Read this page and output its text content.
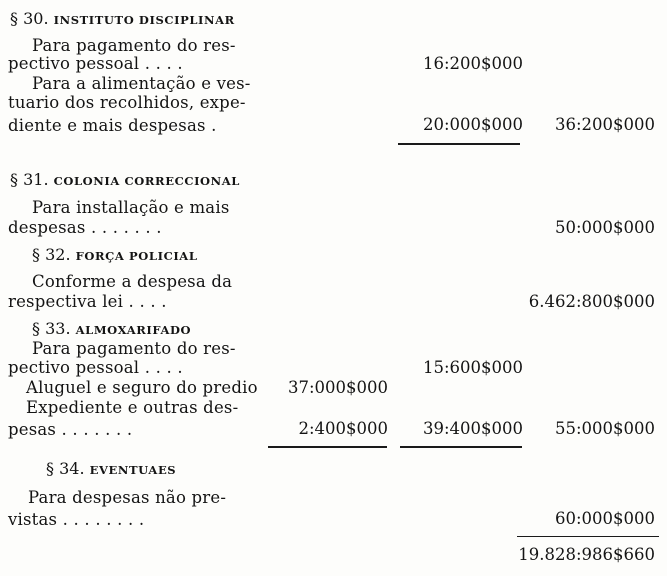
§ 30. INSTITUTO DISCIPLINAR
Para pagamento do res-
pectivo pessoal . . . .	16:200$000
Para a alimentação e ves-
tuario dos recolhidos, expe-
diente e mais despesas .	20:000$000 36:200$000
§ 31. COLONIA CORRECCIONAL
Para installação e mais
despesas . . . . . . .	50:000$000
§ 32. FORÇA POLICIAL
Conforme a despesa da
respectiva lei . . . .	6.462:800$000
§ 33. ALMOXARIFADO
Para pagamento do res-
pectivo pessoal . . . .	15:600$000
Aluguel e seguro do predio 37:000$000
Expediente e outras des-
pesas . . . . . . .	2:400$000 39:400$000 55:000$000
§ 34. EVENTUAES
Para despesas não pre-
vistas . . . . . . . .	60:000$000
19.828:986$660
